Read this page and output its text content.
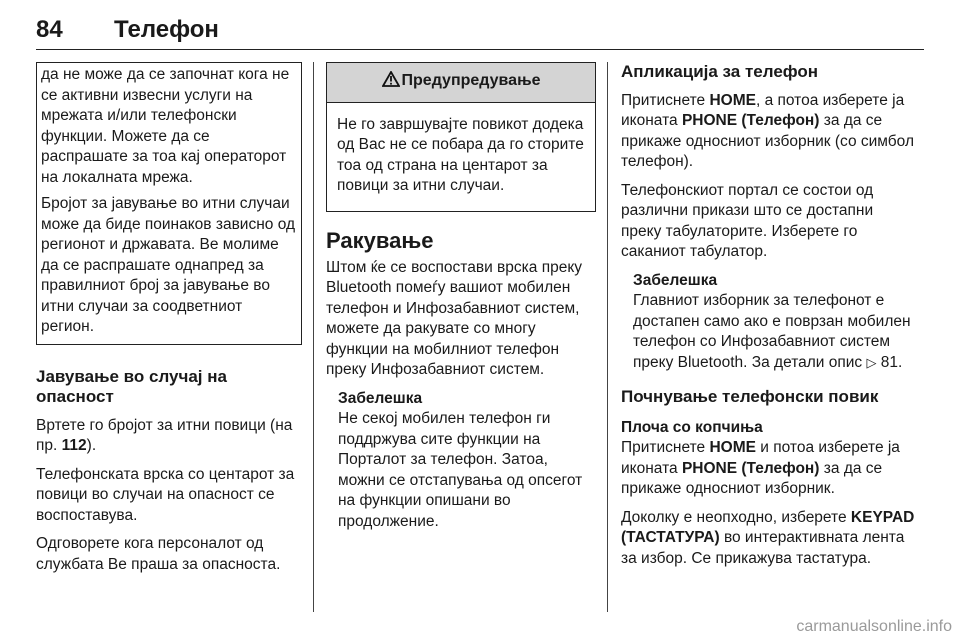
84 Телефон

да не може да се започнат кога не се активни извесни услуги на мрежата и/или телефонски функции. Можете да се распрашате за тоа кај операторот на локалната мрежа.

Бројот за јавување во итни случаи може да биде поинаков зависно од регионот и државата. Ве молиме да се распрашате однапред за правилниот број за јавување во итни случаи за соодветниот регион.

Јавување во случај на опасност

Вртете го бројот за итни повици (на пр. 112).

Телефонската врска со центарот за повици во случаи на опасност се воспоставува.

Одговорете кога персоналот од службата Ве праша за опасноста.

Предупредување
Не го завршувајте повикот додека од Вас не се побара да го сторите тоа од страна на центарот за повици за итни случаи.
Ракување

Штом ќе се воспостави врска преку Bluetooth помеѓу вашиот мобилен телефон и Инфозабавниот систем, можете да ракувате со многу функции на мобилниот телефон преку Инфозабавниот систем.

Забелешка
Не секој мобилен телефон ги поддржува сите функции на Порталот за телефон. Затоа, можни се отстапувања од опсегот на функции опишани во продолжение.
Апликација за телефон

Притиснете HOME, а потоа изберете ја иконата PHONE (Телефон) за да се прикаже односниот изборник (со симбол телефон).

Телефонскиот портал се состои од различни прикази што се достапни преку табулаторите. Изберете го саканиот табулатор.

Забелешка
Главниот изборник за телефонот е достапен само ако е поврзан мобилен телефон со Инфозабавниот систем преку Bluetooth. За детали опис ▷ 81.
Почнување телефонски повик
Плоча со копчиња

Притиснете HOME и потоа изберете ја иконата PHONE (Телефон) за да се прикаже односниот изборник.

Доколку е неопходно, изберете KEYPAD (ТАСТАТУРА) во интерактивната лента за избор. Се прикажува тастатура.

carmanualsonline.info
